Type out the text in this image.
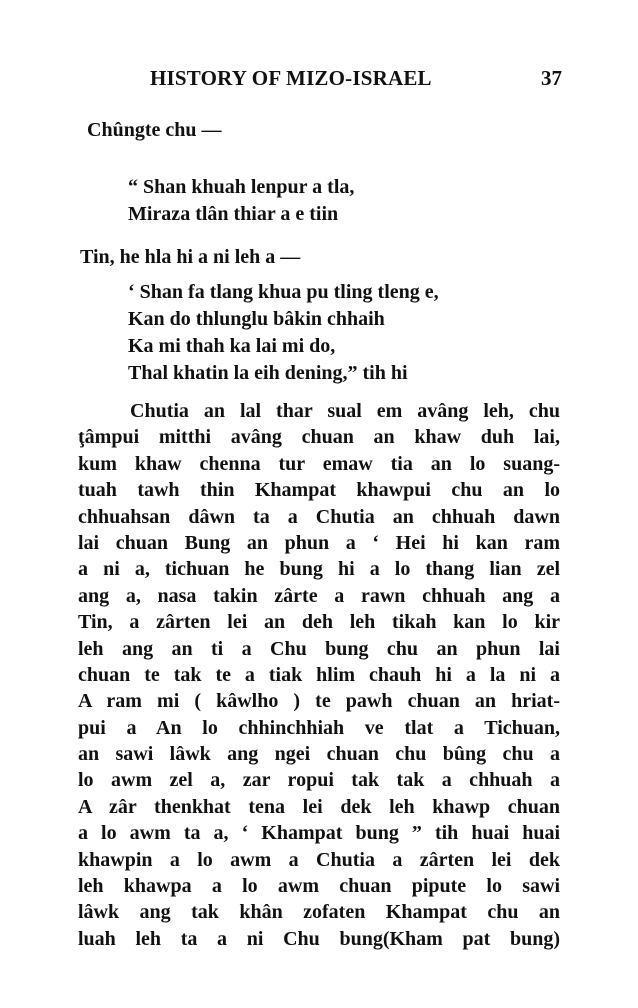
HISTORY OF MIZO-ISRAEL	37
Chûngte chu —
“ Shan khuah lenpur a tla,
Miraza tlân thiar a e tiin
Tin, he hla hi a ni leh a —
‘ Shan fa tlang khua pu tling tleng e,
Kan do thlunglu bâkin chhaih
Ka mi thah ka lai mi do,
Thal khatin la eih dening,” tih hi
Chutia an lal thar sual em avâng leh, chu
ţâmpui mitthi avâng chuan an khaw duh lai,
kum khaw chenna tur emaw tia an lo suang-
tuah tawh thin Khampat khawpui chu an lo
chhuahsan dâwn ta a Chutia an chhuah dawn
lai chuan Bung an phun a ‘ Hei hi kan ram
a ni a, tichuan he bung hi a lo thang lian zel
ang a, nasa takin zârte a rawn chhuah ang a
Tin, a zârten lei an deh leh tikah kan lo kir
leh ang an ti a Chu bung chu an phun lai
chuan te tak te a tiak hlim chauh hi a la ni a
A ram mi ( kâwlho ) te pawh chuan an hriat-
pui a An lo chhinchhiah ve tlat a Tichuan,
an sawi lâwk ang ngei chuan chu bûng chu a
lo awm zel a, zar ropui tak tak a chhuah a
A zâr thenkhat tena lei dek leh khawp chuan
a lo awm ta a, ‘ Khampat bung ” tih huai huai
khawpin a lo awm a Chutia a zârten lei dek
leh khawpa a lo awm chuan pipute lo sawi
lâwk ang tak khân zofaten Khampat chu an
luah leh ta a ni Chu bung(Kham pat bung)
